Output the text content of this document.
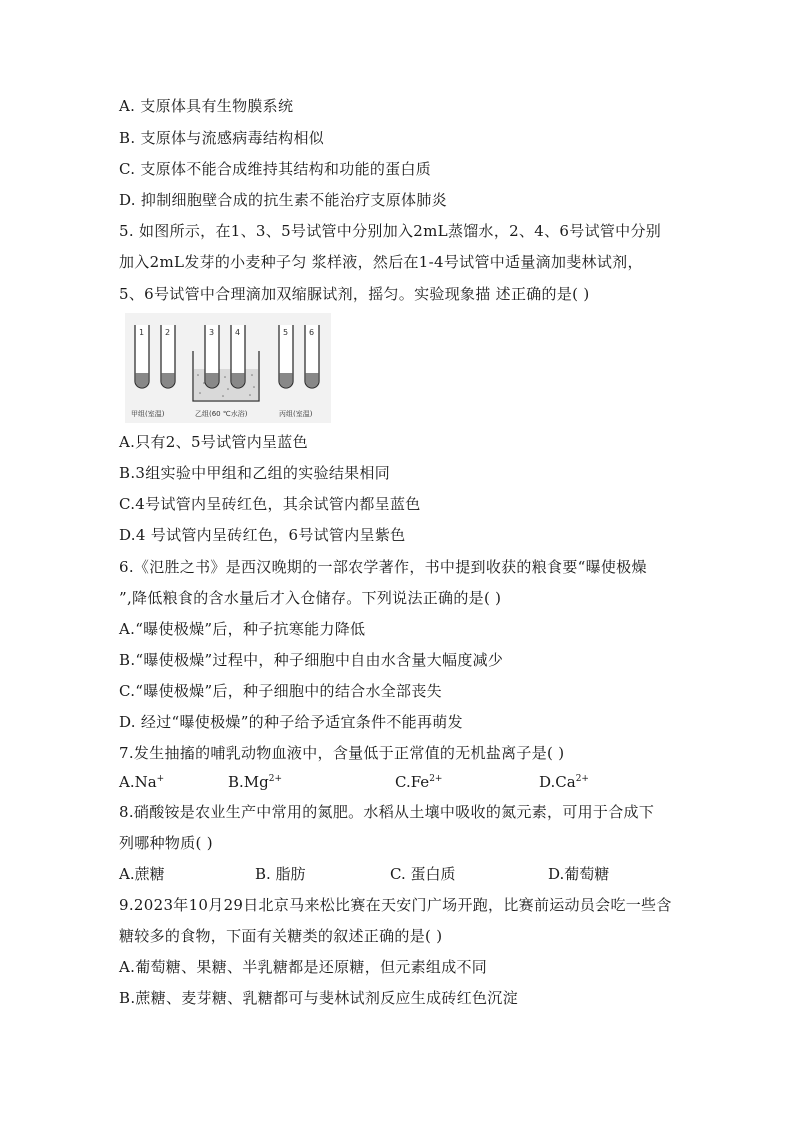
A. 支原体具有生物膜系统
B. 支原体与流感病毒结构相似
C. 支原体不能合成维持其结构和功能的蛋白质
D. 抑制细胞壁合成的抗生素不能治疗支原体肺炎
5. 如图所示，在1、3、5号试管中分别加入2mL蒸馏水，2、4、6号试管中分别
加入2mL发芽的小麦种子匀 浆样液，然后在1-4号试管中适量滴加斐林试剂，
5、6号试管中合理滴加双缩脲试剂，摇匀。实验现象描 述正确的是( )
1	2	3	4	5	6
甲组(室温)	乙组(60 ℃水浴)	丙组(室温)
A.只有2、5号试管内呈蓝色
B.3组实验中甲组和乙组的实验结果相同
C.4号试管内呈砖红色，其余试管内都呈蓝色
D.4 号试管内呈砖红色，6号试管内呈紫色
6.《氾胜之书》是西汉晚期的一部农学著作，书中提到收获的粮食要“曝使极燥
”,降低粮食的含水量后才入仓储存。下列说法正确的是( )
A.“曝使极燥”后，种子抗寒能力降低
B.“曝使极燥”过程中，种子细胞中自由水含量大幅度减少
C.“曝使极燥”后，种子细胞中的结合水全部丧失
D. 经过“曝使极燥”的种子给予适宜条件不能再萌发
7.发生抽搐的哺乳动物血液中，含量低于正常值的无机盐离子是( )
A.Na+	$B.Mg^{2+}$	$C.Fe^{2+}$	$D.Ca^{2+}$
8.硝酸铵是农业生产中常用的氮肥。水稻从土壤中吸收的氮元素，可用于合成下
列哪种物质( )
A.蔗糖	B. 脂肪	C. 蛋白质	D.葡萄糖
9.2023年10月29日北京马来松比赛在天安门广场开跑，比赛前运动员会吃一些含
糖较多的食物，下面有关糖类的叙述正确的是( )
A.葡萄糖、果糖、半乳糖都是还原糖，但元素组成不同
B.蔗糖、麦芽糖、乳糖都可与斐林试剂反应生成砖红色沉淀
